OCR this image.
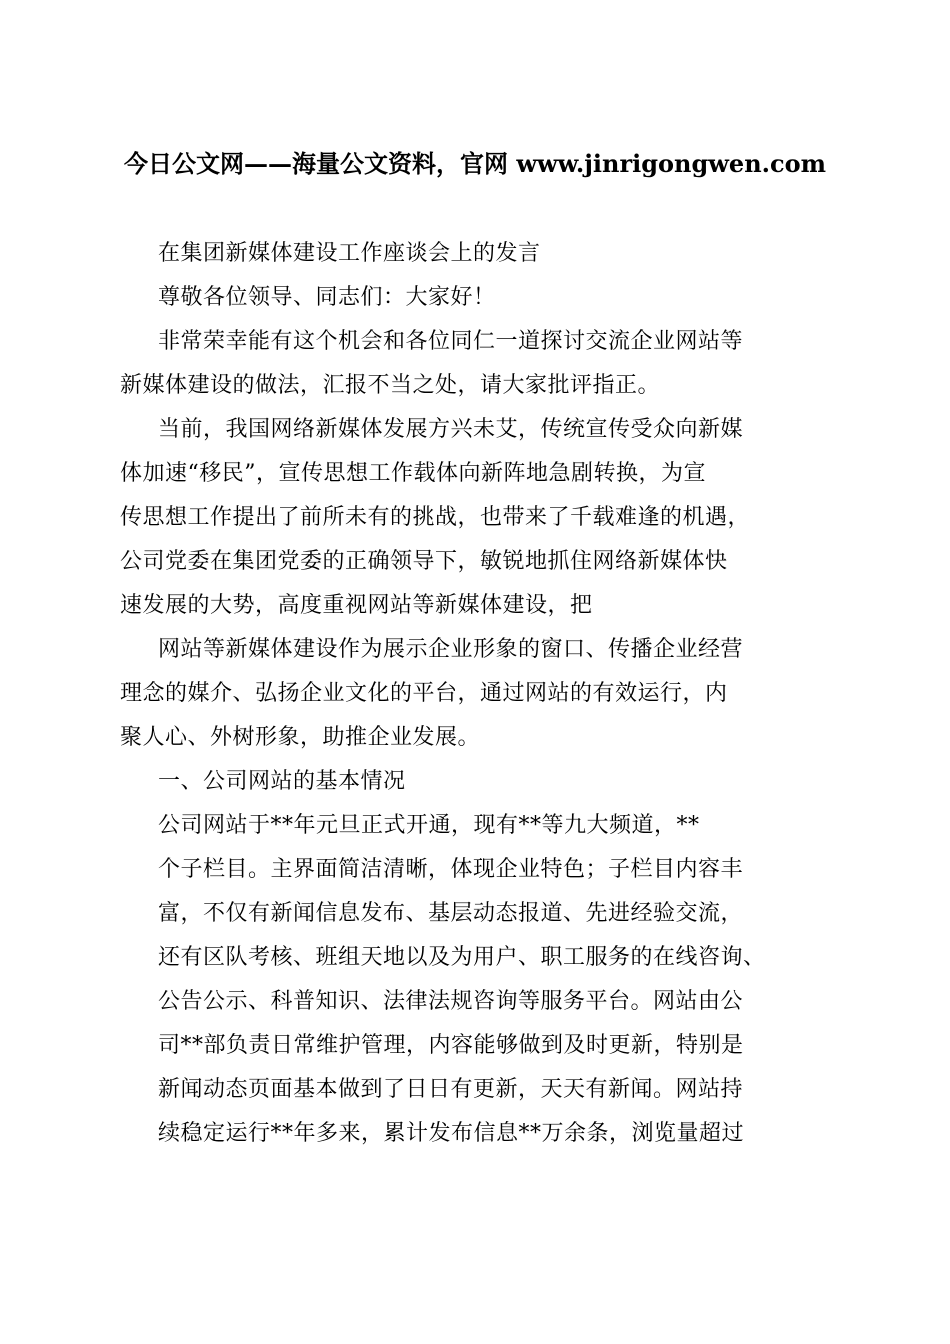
今日公文网——海量公文资料，官网 www.jinrigongwen.com
在集团新媒体建设工作座谈会上的发言
尊敬各位领导、同志们：大家好！
非常荣幸能有这个机会和各位同仁一道探讨交流企业网站等
新媒体建设的做法，汇报不当之处，请大家批评指正。
当前，我国网络新媒体发展方兴未艾，传统宣传受众向新媒
体加速“移民”，宣传思想工作载体向新阵地急剧转换，为宣
传思想工作提出了前所未有的挑战，也带来了千载难逢的机遇，
公司党委在集团党委的正确领导下，敏锐地抓住网络新媒体快
速发展的大势，高度重视网站等新媒体建设，把
网站等新媒体建设作为展示企业形象的窗口、传播企业经营
理念的媒介、弘扬企业文化的平台，通过网站的有效运行，内
聚人心、外树形象，助推企业发展。
一、公司网站的基本情况
公司网站于**年元旦正式开通，现有**等九大频道，**
个子栏目。主界面简洁清晰，体现企业特色；子栏目内容丰
富，不仅有新闻信息发布、基层动态报道、先进经验交流，
还有区队考核、班组天地以及为用户、职工服务的在线咨询、
公告公示、科普知识、法律法规咨询等服务平台。网站由公
司**部负责日常维护管理，内容能够做到及时更新，特别是
新闻动态页面基本做到了日日有更新，天天有新闻。网站持
续稳定运行**年多来，累计发布信息**万余条，浏览量超过
